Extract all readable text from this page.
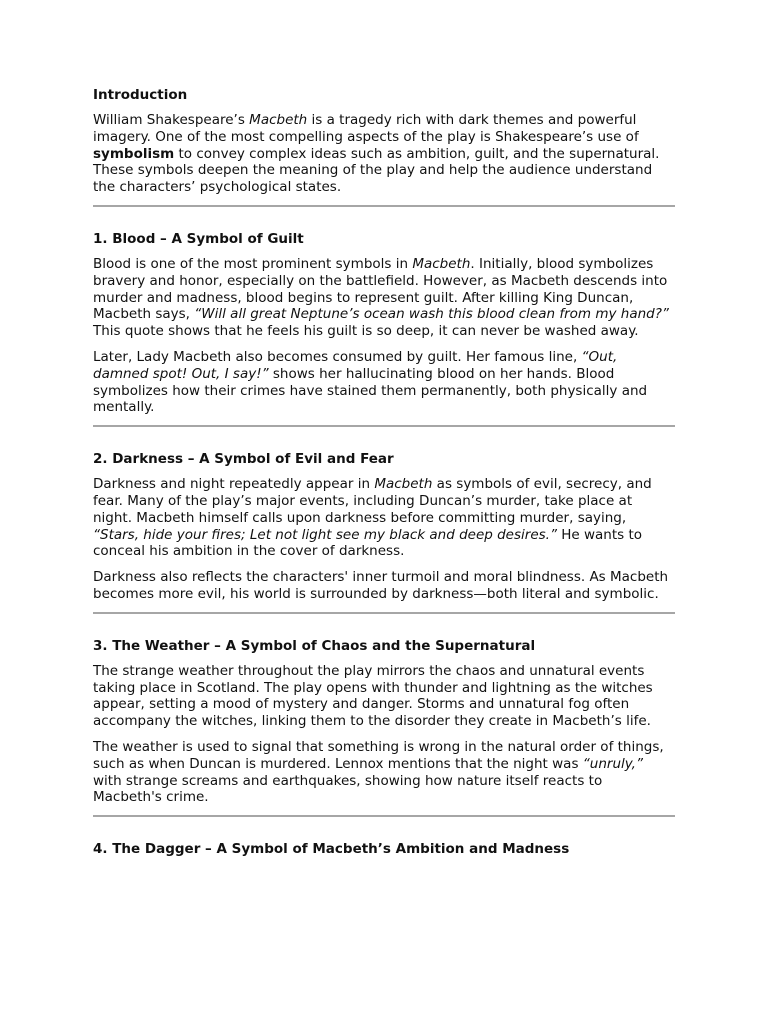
Introduction

William Shakespeare’s Macbeth is a tragedy rich with dark themes and powerful imagery. One of the most compelling aspects of the play is Shakespeare’s use of symbolism to convey complex ideas such as ambition, guilt, and the supernatural. These symbols deepen the meaning of the play and help the audience understand the characters’ psychological states.

1. Blood – A Symbol of Guilt

Blood is one of the most prominent symbols in Macbeth. Initially, blood symbolizes bravery and honor, especially on the battlefield. However, as Macbeth descends into murder and madness, blood begins to represent guilt. After killing King Duncan, Macbeth says, “Will all great Neptune’s ocean wash this blood clean from my hand?” This quote shows that he feels his guilt is so deep, it can never be washed away.

Later, Lady Macbeth also becomes consumed by guilt. Her famous line, “Out, damned spot! Out, I say!” shows her hallucinating blood on her hands. Blood symbolizes how their crimes have stained them permanently, both physically and mentally.

2. Darkness – A Symbol of Evil and Fear

Darkness and night repeatedly appear in Macbeth as symbols of evil, secrecy, and fear. Many of the play’s major events, including Duncan’s murder, take place at night. Macbeth himself calls upon darkness before committing murder, saying, “Stars, hide your fires; Let not light see my black and deep desires.” He wants to conceal his ambition in the cover of darkness.

Darkness also reflects the characters' inner turmoil and moral blindness. As Macbeth becomes more evil, his world is surrounded by darkness—both literal and symbolic.

3. The Weather – A Symbol of Chaos and the Supernatural

The strange weather throughout the play mirrors the chaos and unnatural events taking place in Scotland. The play opens with thunder and lightning as the witches appear, setting a mood of mystery and danger. Storms and unnatural fog often accompany the witches, linking them to the disorder they create in Macbeth’s life.

The weather is used to signal that something is wrong in the natural order of things, such as when Duncan is murdered. Lennox mentions that the night was “unruly,” with strange screams and earthquakes, showing how nature itself reacts to Macbeth's crime.

4. The Dagger – A Symbol of Macbeth’s Ambition and Madness
